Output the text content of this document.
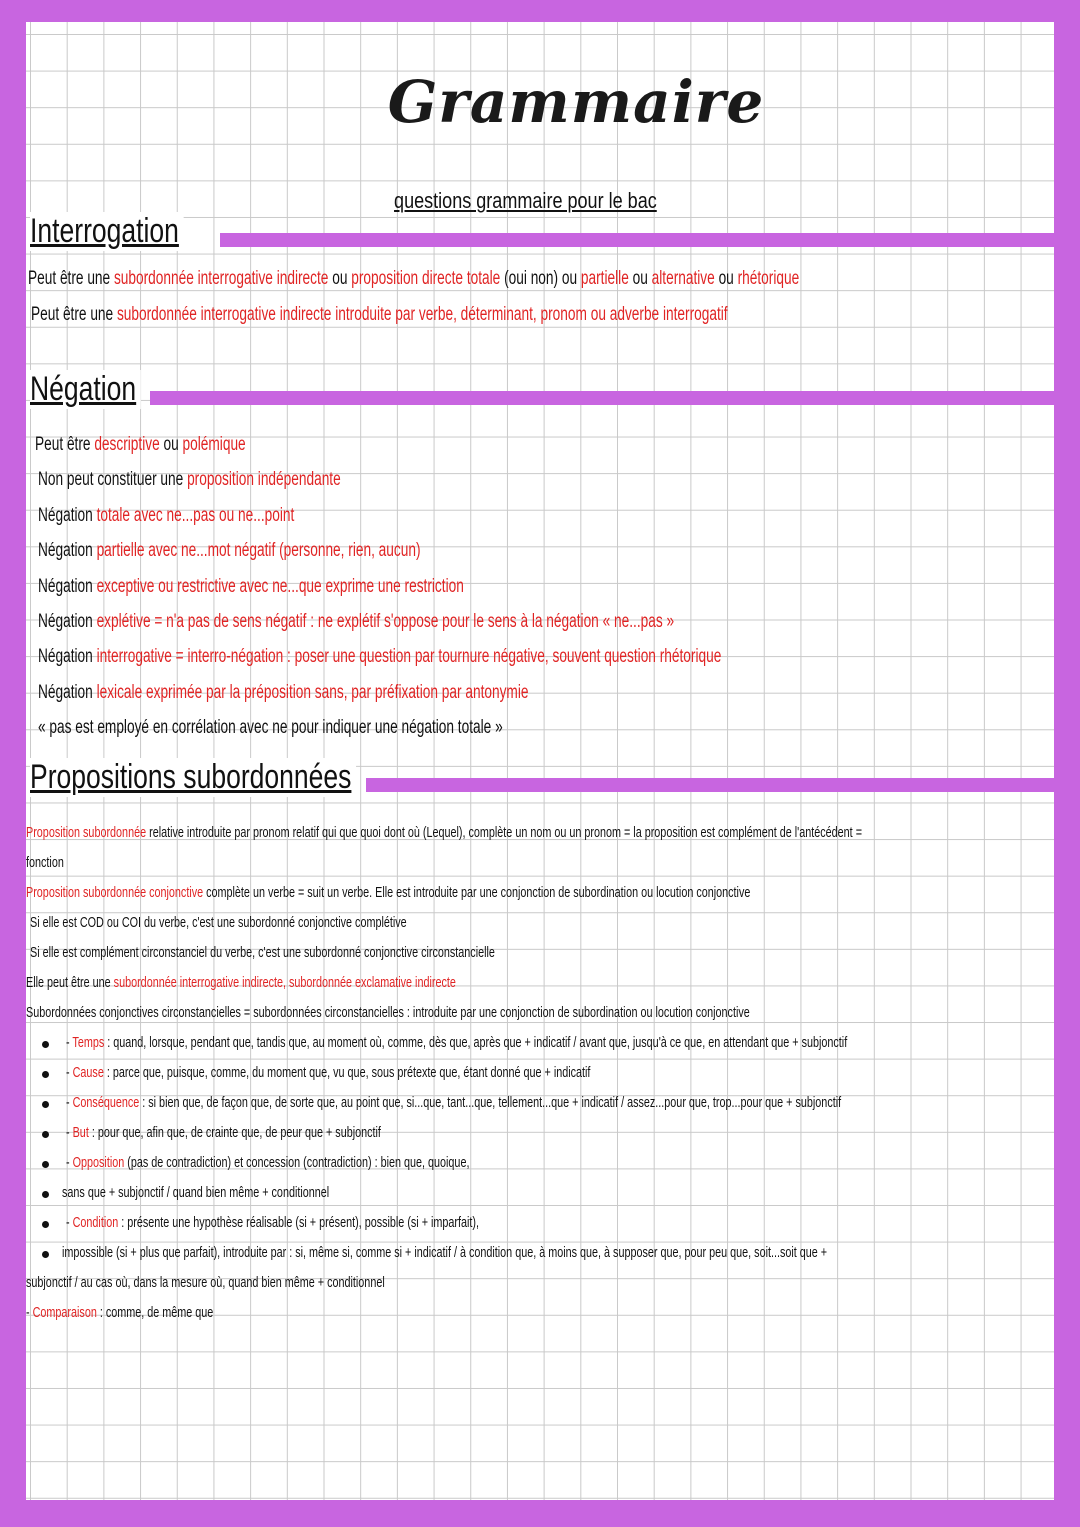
Grammaire
questions grammaire pour le bac
Interrogation
Peut être une subordonnée interrogative indirecte ou proposition directe totale (oui non) ou partielle ou alternative ou rhétorique
Peut être une subordonnée interrogative indirecte introduite par verbe, déterminant, pronom ou adverbe interrogatif
Négation
Peut être descriptive ou polémique
Non peut constituer une proposition indépendante
Négation totale avec ne...pas ou ne...point
Négation partielle avec ne...mot négatif (personne, rien, aucun)
Négation exceptive ou restrictive avec ne...que exprime une restriction
Négation explétive = n'a pas de sens négatif : ne explétif s'oppose pour le sens à la négation « ne...pas »
Négation interrogative = interro-négation : poser une question par tournure négative, souvent question rhétorique
Négation lexicale exprimée par la préposition sans, par préfixation par antonymie
« pas est employé en corrélation avec ne pour indiquer une négation totale »
Propositions subordonnées
Proposition subordonnée relative introduite par pronom relatif qui que quoi dont où (Lequel), complète un nom ou un pronom = la proposition est complément de l'antécédent =
fonction
Proposition subordonnée conjonctive complète un verbe = suit un verbe. Elle est introduite par une conjonction de subordination ou locution conjonctive
Si elle est COD ou COI du verbe, c'est une subordonné conjonctive complétive
Si elle est complément circonstanciel du verbe, c'est une subordonné conjonctive circonstancielle
Elle peut être une subordonnée interrogative indirecte, subordonnée exclamative indirecte
Subordonnées conjonctives circonstancielles = subordonnées circonstancielles : introduite par une conjonction de subordination ou locution conjonctive
- Temps : quand, lorsque, pendant que, tandis que, au moment où, comme, dès que, après que + indicatif / avant que, jusqu'à ce que, en attendant que + subjonctif
- Cause : parce que, puisque, comme, du moment que, vu que, sous prétexte que, étant donné que + indicatif
- Conséquence : si bien que, de façon que, de sorte que, au point que, si...que, tant...que, tellement...que + indicatif / assez...pour que, trop...pour que + subjonctif
- But : pour que, afin que, de crainte que, de peur que + subjonctif
- Opposition (pas de contradiction) et concession (contradiction) : bien que, quoique,
sans que + subjonctif / quand bien même + conditionnel
- Condition : présente une hypothèse réalisable (si + présent), possible (si + imparfait),
impossible (si + plus que parfait), introduite par : si, même si, comme si + indicatif / à condition que, à moins que, à supposer que, pour peu que, soit...soit que +
subjonctif / au cas où, dans la mesure où, quand bien même + conditionnel
- Comparaison : comme, de même que
